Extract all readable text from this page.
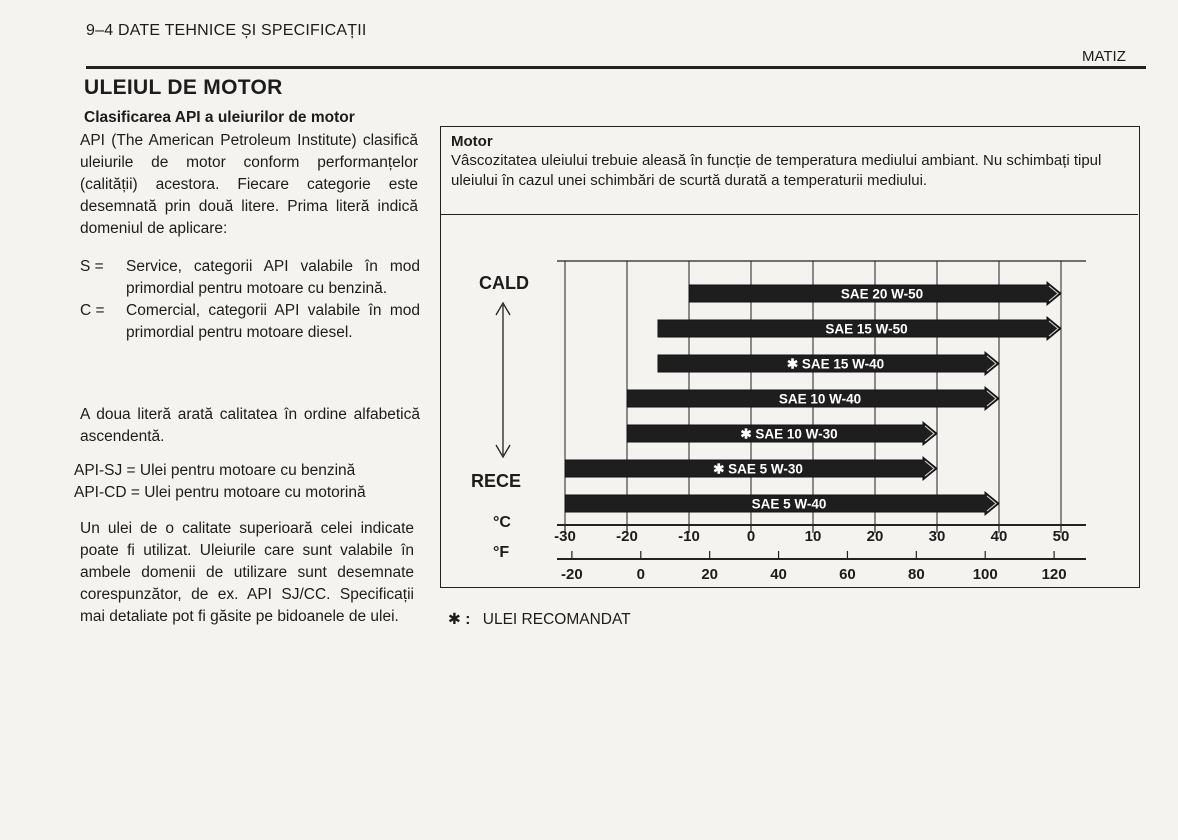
9–4 DATE TEHNICE ȘI SPECIFICAȚII
MATIZ
ULEIUL DE MOTOR
Clasificarea API a uleiurilor de motor
API (The American Petroleum Institute) clasifică uleiurile de motor conform performanțelor (calității) acestora. Fiecare categorie este desemnată prin două litere. Prima literă indică domeniul de aplicare:
S =	Service, categorii API valabile în mod primordial pentru motoare cu benzină.
C =	Comercial, categorii API valabile în mod primordial pentru motoare diesel.
A doua literă arată calitatea în ordine alfabetică ascendentă.
API-SJ = Ulei pentru motoare cu benzină
API-CD = Ulei pentru motoare cu motorină
Un ulei de o calitate superioară celei indicate poate fi utilizat. Uleiurile care sunt valabile în ambele domenii de utilizare sunt desemnate corespunzător, de ex. API SJ/CC. Specificații mai detaliate pot fi găsite pe bidoanele de ulei.
Motor
Vâscozitatea uleiului trebuie aleasă în funcție de temperatura mediului ambiant. Nu schimbați tipul uleiului în cazul unei schimbări de scurtă durată a temperaturii mediului.
SAE 20 W-50
SAE 15 W-50
✱ SAE 15 W-40
SAE 10 W-40
✱ SAE 10 W-30
✱ SAE 5 W-30
SAE 5 W-40
CALD
RECE
°C
°F
-30	-20	-10	0	10	20	30	40	50
-20	0	20	40	60	80	100	120
✱ : ULEI RECOMANDAT
